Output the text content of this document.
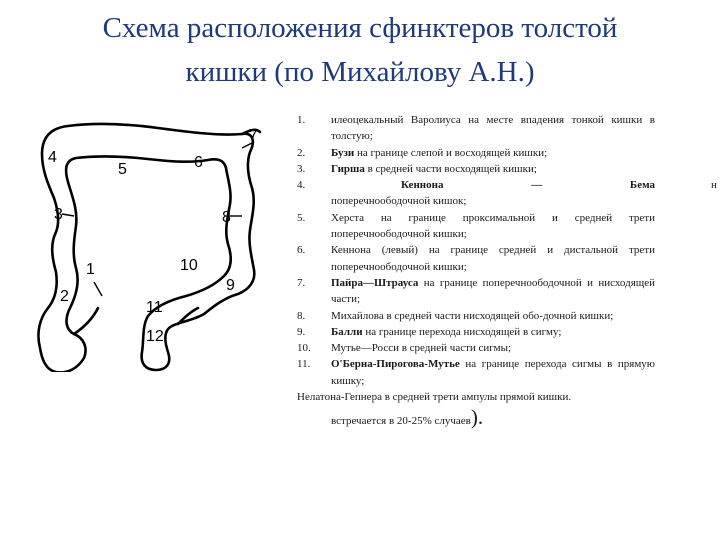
Схема расположения сфинктеров толстой
кишки (по Михайлову А.Н.)
1
2
3
4
5	6
7
8
9
10
11
12
1. илеоцекальный Варолиуса на месте впадения тонкой кишки в толстую;
2. Бузи на границе слепой и восходящей кишки;
3. Гирша в средней части восходящей кишки;
4.	Кеннона — Бема
поперечноободочной кишок;
5. Херста на границе проксимальной и средней трети поперечноободочной кишки;
6. Кеннона (левый) на границе средней и дистальной трети поперечноободочной кишки;
7. Пайра—Штрауса на границе поперечноободочной и нисходящей части;
8. Михайлова в средней части нисходящей обо-дочной кишки;
9. Балли на границе перехода нисходящей в сигму;
10. Мутье—Росси в средней части сигмы;
11. О'Берна-Пирогова-Мутье на границе перехода сигмы в прямую кишку;
Нелатона-Гепнера в средней трети ампулы прямой кишки.
встречается в 20-25% случаев).
н
